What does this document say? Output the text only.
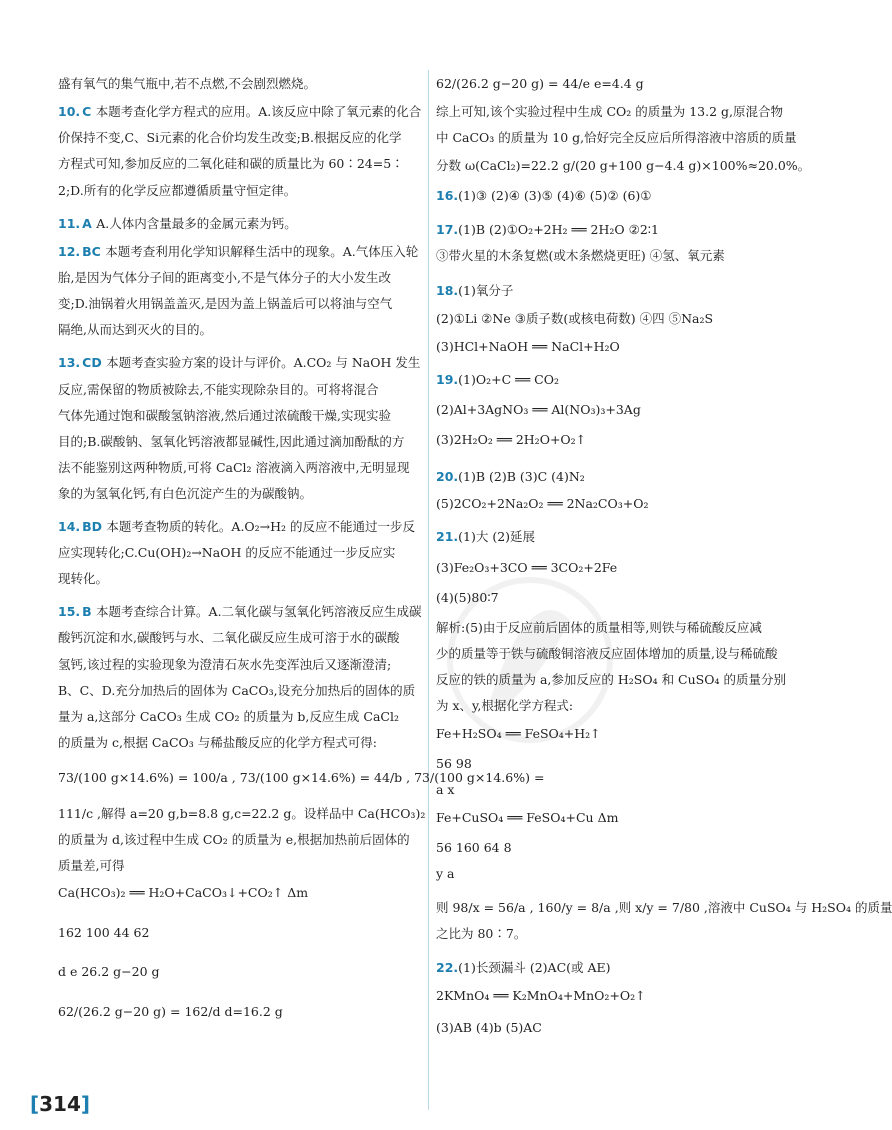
盛有氧气的集气瓶中,若不点燃,不会剧烈燃烧。
10. C 本题考查化学方程式的应用。A.该反应中除了氧元素的化合
价保持不变,C、Si元素的化合价均发生改变;B.根据反应的化学
方程式可知,参加反应的二氧化硅和碳的质量比为 60∶24=5∶
2;D.所有的化学反应都遵循质量守恒定律。
11. A A.人体内含量最多的金属元素为钙。
12. BC 本题考查利用化学知识解释生活中的现象。A.气体压入轮
胎,是因为气体分子间的距离变小,不是气体分子的大小发生改
变;D.油锅着火用锅盖盖灭,是因为盖上锅盖后可以将油与空气
隔绝,从而达到灭火的目的。
13. CD 本题考查实验方案的设计与评价。A.CO₂ 与 NaOH 发生
反应,需保留的物质被除去,不能实现除杂目的。可将将混合
气体先通过饱和碳酸氢钠溶液,然后通过浓硫酸干燥,实现实验
目的;B.碳酸钠、氢氧化钙溶液都显碱性,因此通过滴加酚酞的方
法不能鉴别这两种物质,可将 CaCl₂ 溶液滴入两溶液中,无明显现
象的为氢氧化钙,有白色沉淀产生的为碳酸钠。
14. BD 本题考查物质的转化。A.O₂→H₂ 的反应不能通过一步反
应实现转化;C.Cu(OH)₂→NaOH 的反应不能通过一步反应实
现转化。
15. B 本题考查综合计算。A.二氧化碳与氢氧化钙溶液反应生成碳
酸钙沉淀和水,碳酸钙与水、二氧化碳反应生成可溶于水的碳酸
氢钙,该过程的实验现象为澄清石灰水先变浑浊后又逐渐澄清;
B、C、D.充分加热后的固体为 CaCO₃,设充分加热后的固体的质
量为 a,这部分 CaCO₃ 生成 CO₂ 的质量为 b,反应生成 CaCl₂
的质量为 c,根据 CaCO₃ 与稀盐酸反应的化学方程式可得:
73/(100 g×14.6%) = 100/a , 73/(100 g×14.6%) = 44/b , 73/(100 g×14.6%) =
111/c ,解得 a=20 g,b=8.8 g,c=22.2 g。设样品中 Ca(HCO₃)₂
的质量为 d,该过程中生成 CO₂ 的质量为 e,根据加热前后固体的
质量差,可得
Ca(HCO₃)₂ ══ H₂O+CaCO₃↓+CO₂↑ Δm
162 100 44 62
d e 26.2 g−20 g
62/(26.2 g−20 g) = 162/d d=16.2 g
62/(26.2 g−20 g) = 44/e e=4.4 g
综上可知,该个实验过程中生成 CO₂ 的质量为 13.2 g,原混合物
中 CaCO₃ 的质量为 10 g,恰好完全反应后所得溶液中溶质的质量
分数 ω(CaCl₂)=22.2 g/(20 g+100 g−4.4 g)×100%≈20.0%。
16.(1)③ (2)④ (3)⑤ (4)⑥ (5)② (6)①
17.(1)B (2)①O₂+2H₂ ══ 2H₂O ②2∶1
③带火星的木条复燃(或木条燃烧更旺) ④氢、氧元素
18.(1)氧分子
(2)①Li ②Ne ③质子数(或核电荷数) ④四 ⑤Na₂S
(3)HCl+NaOH ══ NaCl+H₂O
19.(1)O₂+C ══ CO₂
(2)Al+3AgNO₃ ══ Al(NO₃)₃+3Ag
(3)2H₂O₂ ══ 2H₂O+O₂↑
20.(1)B (2)B (3)C (4)N₂
(5)2CO₂+2Na₂O₂ ══ 2Na₂CO₃+O₂
21.(1)大 (2)延展
(3)Fe₂O₃+3CO ══ 3CO₂+2Fe
(4)(5)80∶7
解析:(5)由于反应前后固体的质量相等,则铁与稀硫酸反应减
少的质量等于铁与硫酸铜溶液反应固体增加的质量,设与稀硫酸
反应的铁的质量为 a,参加反应的 H₂SO₄ 和 CuSO₄ 的质量分别
为 x、y,根据化学方程式:
Fe+H₂SO₄ ══ FeSO₄+H₂↑
56 98
a x
Fe+CuSO₄ ══ FeSO₄+Cu Δm
56 160 64 8
y a
则 98/x = 56/a , 160/y = 8/a ,则 x/y = 7/80 ,溶液中 CuSO₄ 与 H₂SO₄ 的质量
之比为 80∶7。
22.(1)长颈漏斗 (2)AC(或 AE)
2KMnO₄ ══ K₂MnO₄+MnO₂+O₂↑
(3)AB (4)b (5)AC
[314]
